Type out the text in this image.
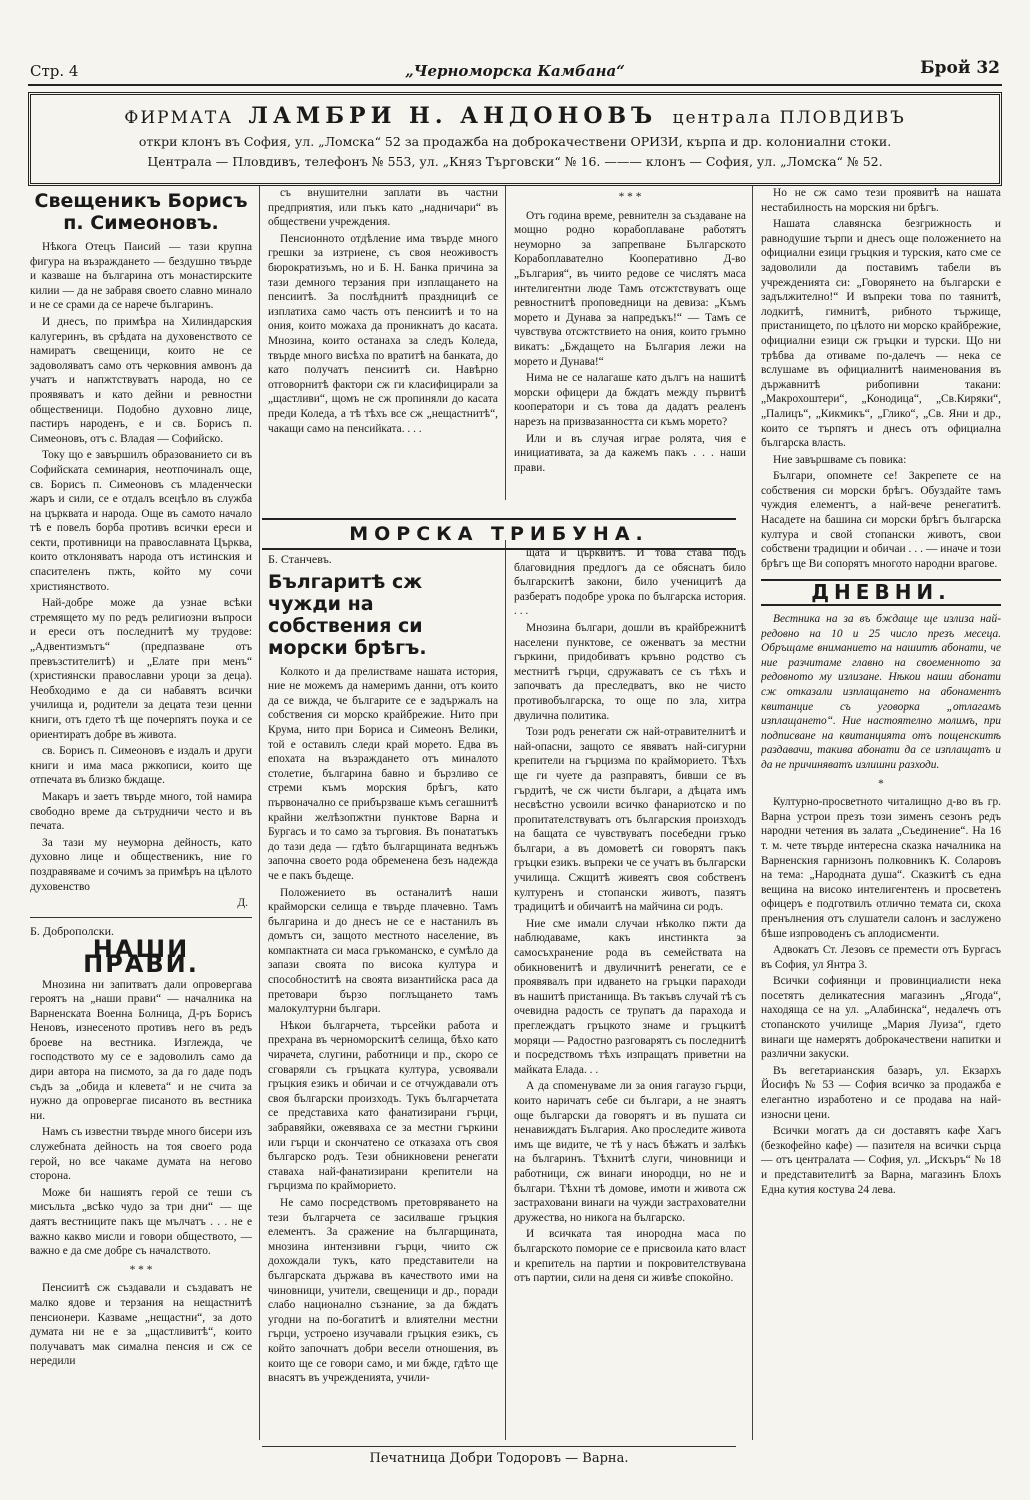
Стр. 4	„Черноморска Камбана“	Брой 32
ФИРМАТА ЛАМБРИ Н. АНДОНОВЪ централа ПЛОВДИВЪ
откри клонъ въ София, ул. „Ломска“ 52 за продажба на доброкачествени ОРИЗИ, кърпа и др. колониални стоки.
Централа — Пловдивъ, телефонъ № 553, ул. „Княз Търговски“ № 16. ——— клонъ — София, ул. „Ломска“ № 52.
Свещеникъ Борисъ п. Симеоновъ.

Нѣкога Отецъ Паисий — тази крупна фигура на възраждането — бездушно твърде и казваше на българина отъ монастирските килии — да не забравя своето славно минало и не се срами да се нарече българинъ.

И днесъ, по примѣра на Хилиндарския калугеринъ, въ срѣдата на духовенството се намиратъ свещеници, които не се задоволяватъ само отъ черковния амвонъ да учатъ и напжтствуватъ народа, но се проявяватъ и като дейни и ревностни общественици. Подобно духовно лице, пастиръ народенъ, е и св. Борисъ п. Симеоновъ, отъ с. Владая — Софийско.

Току що е завършилъ образованието си въ Софийската семинария, неотпочиналъ още, св. Борисъ п. Симеоновъ съ младенчески жаръ и сили, се е отдалъ всецѣло въ служба на църквата и народа. Още въ самото начало тѣ е повелъ борба противъ всички ереси и секти, противници на православната Църква, които отклоняватъ народа отъ истинския и спасителенъ пжть, който му сочи християнството.

Най-добре може да узнае всѣки стремящето му по редъ религиозни въпроси и ереси отъ последнитѣ му трудове: „Адвентизмътъ“ (предпазване отъ превъзстителитѣ) и „Елате при менъ“ (християнски православни уроци за деца). Необходимо е да си набавятъ всички училища и, родители за децата тези ценни книги, отъ гдето тѣ ще почерпятъ поука и се ориентиратъ добре въ живота.

св. Борисъ п. Симеоновъ е издалъ и други книги и има маса ржкописи, които ще отпечата въ близко бждаще.

Макаръ и заетъ твърде много, той намира свободно време да сътрудничи често и въ печата.

За тази му неуморна дейность, като духовно лице и общественикъ, ние го поздравяваме и сочимъ за примѣръ на цѣлото духовенство

Д.
Б. Доброполски.
НАШИ ПРАВИ.

Мнозина ни запитватъ дали опровергава героятъ на „наши прави“ — началника на Варненската Военна Болница, Д-ръ Борисъ Неновъ, изнесеното противъ него въ редъ броеве на вестника. Изглежда, че господството му се е задоволилъ само да дири автора на писмото, за да го даде подъ съдъ за „обида и клевета“ и не счита за нужно да опровергае писаното въ вестника ни.

Намъ съ известни твърде много бисери изъ служебната дейность на тоя своего рода герой, но все чакаме думата на негово сторона.

Може би нашиятъ герой се теши съ мисъльта „всѣко чудо за три дни“ — ще даятъ вестниците пакъ ще мълчатъ . . . не е важно какво мисли и говори обществото, — важно е да сме добре съ началството.

* * *

Пенсиитѣ сж създавали и създаватъ не малко ядове и терзания на нещастнитѣ пенсионери. Казваме „нещастни“, за дото думата ни не е за „щастливитѣ“, които получаватъ мак симална пенсия и сж се нередили

съ внушителни заплати въ частни предприятия, или пъкъ като „надничари“ въ обществени учреждения.

Пенсионното отдѣление има твърде много грешки за изтриене, съ своя неоживостъ бюрократизъмъ, но и Б. Н. Банка причина за тази демного терзания при изплащането на пенсиитѣ. За послѣднитѣ празднициѣ се изплатиха само часть отъ пенсиитѣ и то на ония, които можаха да проникнатъ до касата. Мнозина, които останаха за следъ Коледа, твърде много висѣха по вратитѣ на банката, до като получатъ пенсиитѣ си. Навѣрно отговорнитѣ фактори сж ги класифицирали за „щастливи“, щомъ не сж пропиняли до касата преди Коледа, а тѣ тѣхъ все сж „нещастнитѣ“, чакащи само на пенсийката. . . .

* * *

Отъ година време, ревнителн за създаване на мощно родно корабоплаване работятъ неуморно за запрепване Българското Корабоплавателно Кооперативно Д-во „България“, въ чиито редове се числятъ маса интелигентни люде Тамъ отсжтствуватъ още ревностнитѣ проповедници на девиза: „Къмъ морето и Дунава за напредъкъ!“ — Тамъ се чувствува отсжтствието на ония, които гръмно викатъ: „Бждащето на България лежи на морето и Дунава!“

Нима не се налагаше като дългъ на нашитѣ морски офицери да бждатъ между първитѣ кооператори и съ това да дадатъ реаленъ нарезъ на призвазанността си къмъ морето?

Или и въ случая играе ролята, чия е инициативата, за да кажемъ пакъ . . . наши прави.

МОРСКА ТРИБУНА.
Б. Станчевъ.
Българитѣ сж чужди на собствения си морски брѣгъ.

Колкото и да прелистваме нашата история, ние не можемъ да намеримъ данни, отъ които да се вижда, че българите се е задържалъ на собствения си морско крайбрежие. Нито при Крума, нито при Бориса и Симеонъ Велики, той е оставилъ следи край морето. Едва въ епохата на възраждането отъ миналото столетие, българина бавно и бързливо се стреми къмъ морския брѣгъ, като първоначално се прибързваше къмъ сегашнитѣ крайни желѣзопжтни пунктове Варна и Бургасъ и то само за търговия. Въ понататъкъ до тази деда — гдѣто българщината веднъжъ започна своето рода обременена безъ надежда че е пакъ бъдеще.

Положението въ останалитѣ наши крайморски селища е твърде плачевно. Тамъ българина и до днесъ не се е настанилъ въ домътъ си, защото местното население, въ компактната си маса гръкоманско, е сумѣло да запази своята по висока култура и способноститѣ на своята византийска раса да претовари бързо поглъщането тамъ малокултурни българи.

Нѣкои българчета, търсейки работа и прехрана въ черноморскитѣ селища, бѣхо като чирачета, слугини, работници и пр., скоро се сговаряли съ гръцката култура, усвоявали гръцкия езикъ и обичаи и се отчуждавали отъ своя български произходъ. Тукъ българчетата се представиха като фанатизирани гърци, забравяйки, ожевяваха се за местни гъркини или гърци и скончатено се отказаха отъ своя българско родъ. Тези обникновени ренегати ставаха най-фанатизирани крепители на гърцизма по крайморието.

Не само посредствомъ претовряването на тези българчета се засилваше гръцкия елементъ. За сражение на българщината, мнозина интензивни гърци, чиито сж дохождали тукъ, като представители на българската държава въ качеството ими на чиновници, учители, свещеници и др., поради слабо национално съзнание, за да бждатъ угодни на по-богатитѣ и влиятелни местни гърци, устроено изучавали гръцкия езикъ, съ който започнатъ добри весели отношения, въ които ще се говори само, и ми бжде, гдѣто ще внасятъ въ учрежденията, учили-

щата и църквитѣ. И това става подъ благовидния предлогъ да се обяснатъ било българскитѣ закони, било ученицитѣ да разбератъ подобре урока по българска история. . . .

Мнозина българи, дошли въ крайбрежнитѣ населени пунктове, се оженватъ за местни гъркини, придобиватъ кръвно родство съ местнитѣ гърци, сдружаватъ се съ тѣхъ и започватъ да преследватъ, вко не чисто противобългарска, то още по зла, хитра двулична политика.

Този родъ ренегати сж най-отравителнитѣ и най-опасни, защото се явяватъ най-сигурни крепители на гърцизма по крайморието. Тѣхъ ще ги чуете да разправятъ, бивши се въ гърдитѣ, че сж чисти българи, а дѣцата имъ несвѣстно усвоили всичко фанариотско и по пропитателствуватъ отъ българския произходъ на бащата се чувствуватъ посебедни гръко българи, а въ домоветѣ си говорятъ пакъ гръцки езикъ. въпреки че се учатъ въ български училища. Сжщитѣ живеятъ своя собственъ културенъ и стопански животъ, пазятъ традицитѣ и обичаитѣ на майчина си родъ.

Ние сме имали случаи нѣколко пжти да наблюдаваме, какъ инстинкта за самосъхранение рода въ семействата на обикновенитѣ и двуличнитѣ ренегати, се е проявявалъ при идването на гръцки параходи въ нашитѣ пристанища. Въ такъвъ случай тѣ съ очевидна радость се трупатъ да парахода и преглеждатъ гръцкото знаме и гръцкитѣ моряци — Радостно разговарятъ съ последнитѣ и посредствомъ тѣхъ изпращатъ приветни на майката Елада. . .

А да споменуваме ли за ония гагаузо гърци, които наричатъ себе си българи, а не знаятъ още български да говорятъ и въ пушата си ненавиждатъ България. Ако проследите живота имъ ще видите, че тѣ у насъ бѣжатъ и залѣкъ на българинъ. Тѣхнитѣ слуги, чиновници и работници, сж винаги инородци, но не и българи. Тѣхни тѣ домове, имоти и живота сж застраховани винаги на чужди застрахователни дружества, но никога на българско.

И всичката тая инородна маса по българското поморие се е присвоила като власт и крепитель на партии и покровителствувана отъ партии, сили на деня си живѣе спокойно.

Печатница Добри Тодоровъ — Варна.

Но не сж само тези проявитѣ на нашата нестабилность на морския ни брѣгъ.

Нашата славянска безгрижность и равнодушие търпи и днесъ още положението на официални езици гръцкия и турския, като сме се задоволили да поставимъ табели въ учрежденията си: „Говорянето на български е задължително!“ И въпреки това по таянитѣ, лодкитѣ, гимнитѣ, рибното тържище, пристанището, по цѣлото ни морско крайбрежие, официални езици сж гръцки и турски. Що ни трѣбва да отиваме по-далечъ — нека се вслушаме въ официалнитѣ наименования въ държавнитѣ рибопивни такани: „Макрохоштери“, „Конодица“, „Св.Киряки“, „Палицъ“, „Кикмикъ“, „Глико“, „Св. Яни и др., които се търпятъ и днесъ отъ официална българска власть.

Ние завършваме съ повика:

Българи, опомнете се! Закрепете се на собствения си морски брѣгъ. Обуздайте тамъ чуждия елементъ, а най-вече ренегатитѣ. Насадете на башина си морски брѣгъ българска култура и свой стопански животъ, свои собствени традиции и обичаи . . . — иначе и този брѣгъ ще Ви сопорятъ многото народни врагове.

ДНЕВНИ.

Вестника на за въ бждаще ще излиза най-редовно на 10 и 25 число презъ месеца. Обръщаме вниманието на нашитѣ абонати, че ние разчитаме главно на своеменното за редовното му излизане. Нѣкои наши абонати сж отказали изплащането на абонаментъ квитанцие съ уговорка „отлагамъ изплащането“. Ние настоятелно молимъ, при подписване на квитанцията отъ пощенскитѣ раздавачи, такива абонати да се изплащатъ и да не причиняватъ излишни разходи.

*

Културно-просветното читалищно д-во въ гр. Варна устрои презъ този зименъ сезонъ редъ народни четения въ залата „Съединение“. На 16 т. м. чете твърде интересна сказка началника на Варненския гарнизонъ полковникъ К. Соларовъ на тема: „Народната душа“. Сказкитѣ съ една вещина на високо интелигентенъ и просветенъ офицеръ е подготвилъ отлично темата си, скоха пренълнения отъ слушатели салонъ и заслужено бѣше изпроводенъ съ аплодисменти.

Адвокатъ Ст. Лезовъ се премести отъ Бургасъ въ София, ул Янтра 3.

Всички софиянци и провинциалисти нека посетятъ деликатесния магазинъ „Ягода“, находяща се на ул. „Алабинска“, недалечъ отъ стопанското училище „Мария Луиза“, гдето винаги ще намерятъ доброкачествени напитки и различни закуски.

Въ вегетарианския базаръ, ул. Екзархъ Йосифъ № 53 — София всичко за продажба е елегантно изработено и се продава на най-износни цени.

Всички могатъ да си доставятъ кафе Хагъ (безкофейно кафе) — пазителя на всички сърца — отъ централата — София, ул. „Искъръ“ № 18 и представителитѣ за Варна, магазинъ Блохъ Една кутия костува 24 лева.
